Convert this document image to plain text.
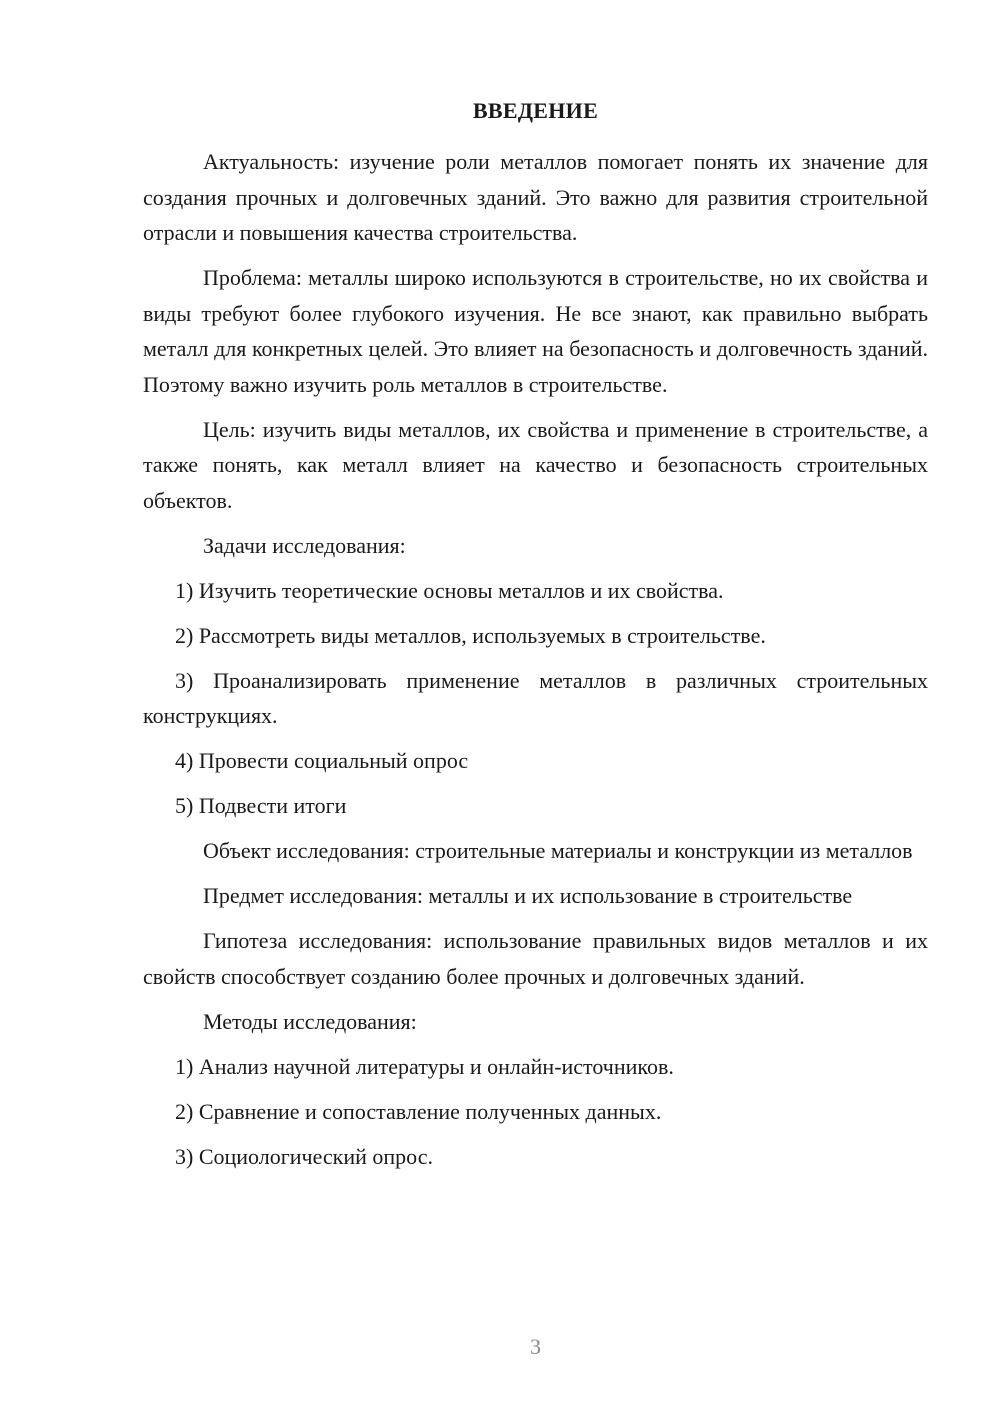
ВВЕДЕНИЕ

Актуальность: изучение роли металлов помогает понять их значение для создания прочных и долговечных зданий. Это важно для развития строительной отрасли и повышения качества строительства.

Проблема: металлы широко используются в строительстве, но их свойства и виды требуют более глубокого изучения. Не все знают, как правильно выбрать металл для конкретных целей. Это влияет на безопасность и долговечность зданий. Поэтому важно изучить роль металлов в строительстве.

Цель: изучить виды металлов, их свойства и применение в строительстве, а также понять, как металл влияет на качество и безопасность строительных объектов.

Задачи исследования:

1) Изучить теоретические основы металлов и их свойства.

2) Рассмотреть виды металлов, используемых в строительстве.

3) Проанализировать применение металлов в различных строительных конструкциях.

4) Провести социальный опрос

5) Подвести итоги

Объект исследования: строительные материалы и конструкции из металлов

Предмет исследования: металлы и их использование в строительстве

Гипотеза исследования: использование правильных видов металлов и их свойств способствует созданию более прочных и долговечных зданий.

Методы исследования:

1) Анализ научной литературы и онлайн-источников.

2) Сравнение и сопоставление полученных данных.

3) Социологический опрос.

3
